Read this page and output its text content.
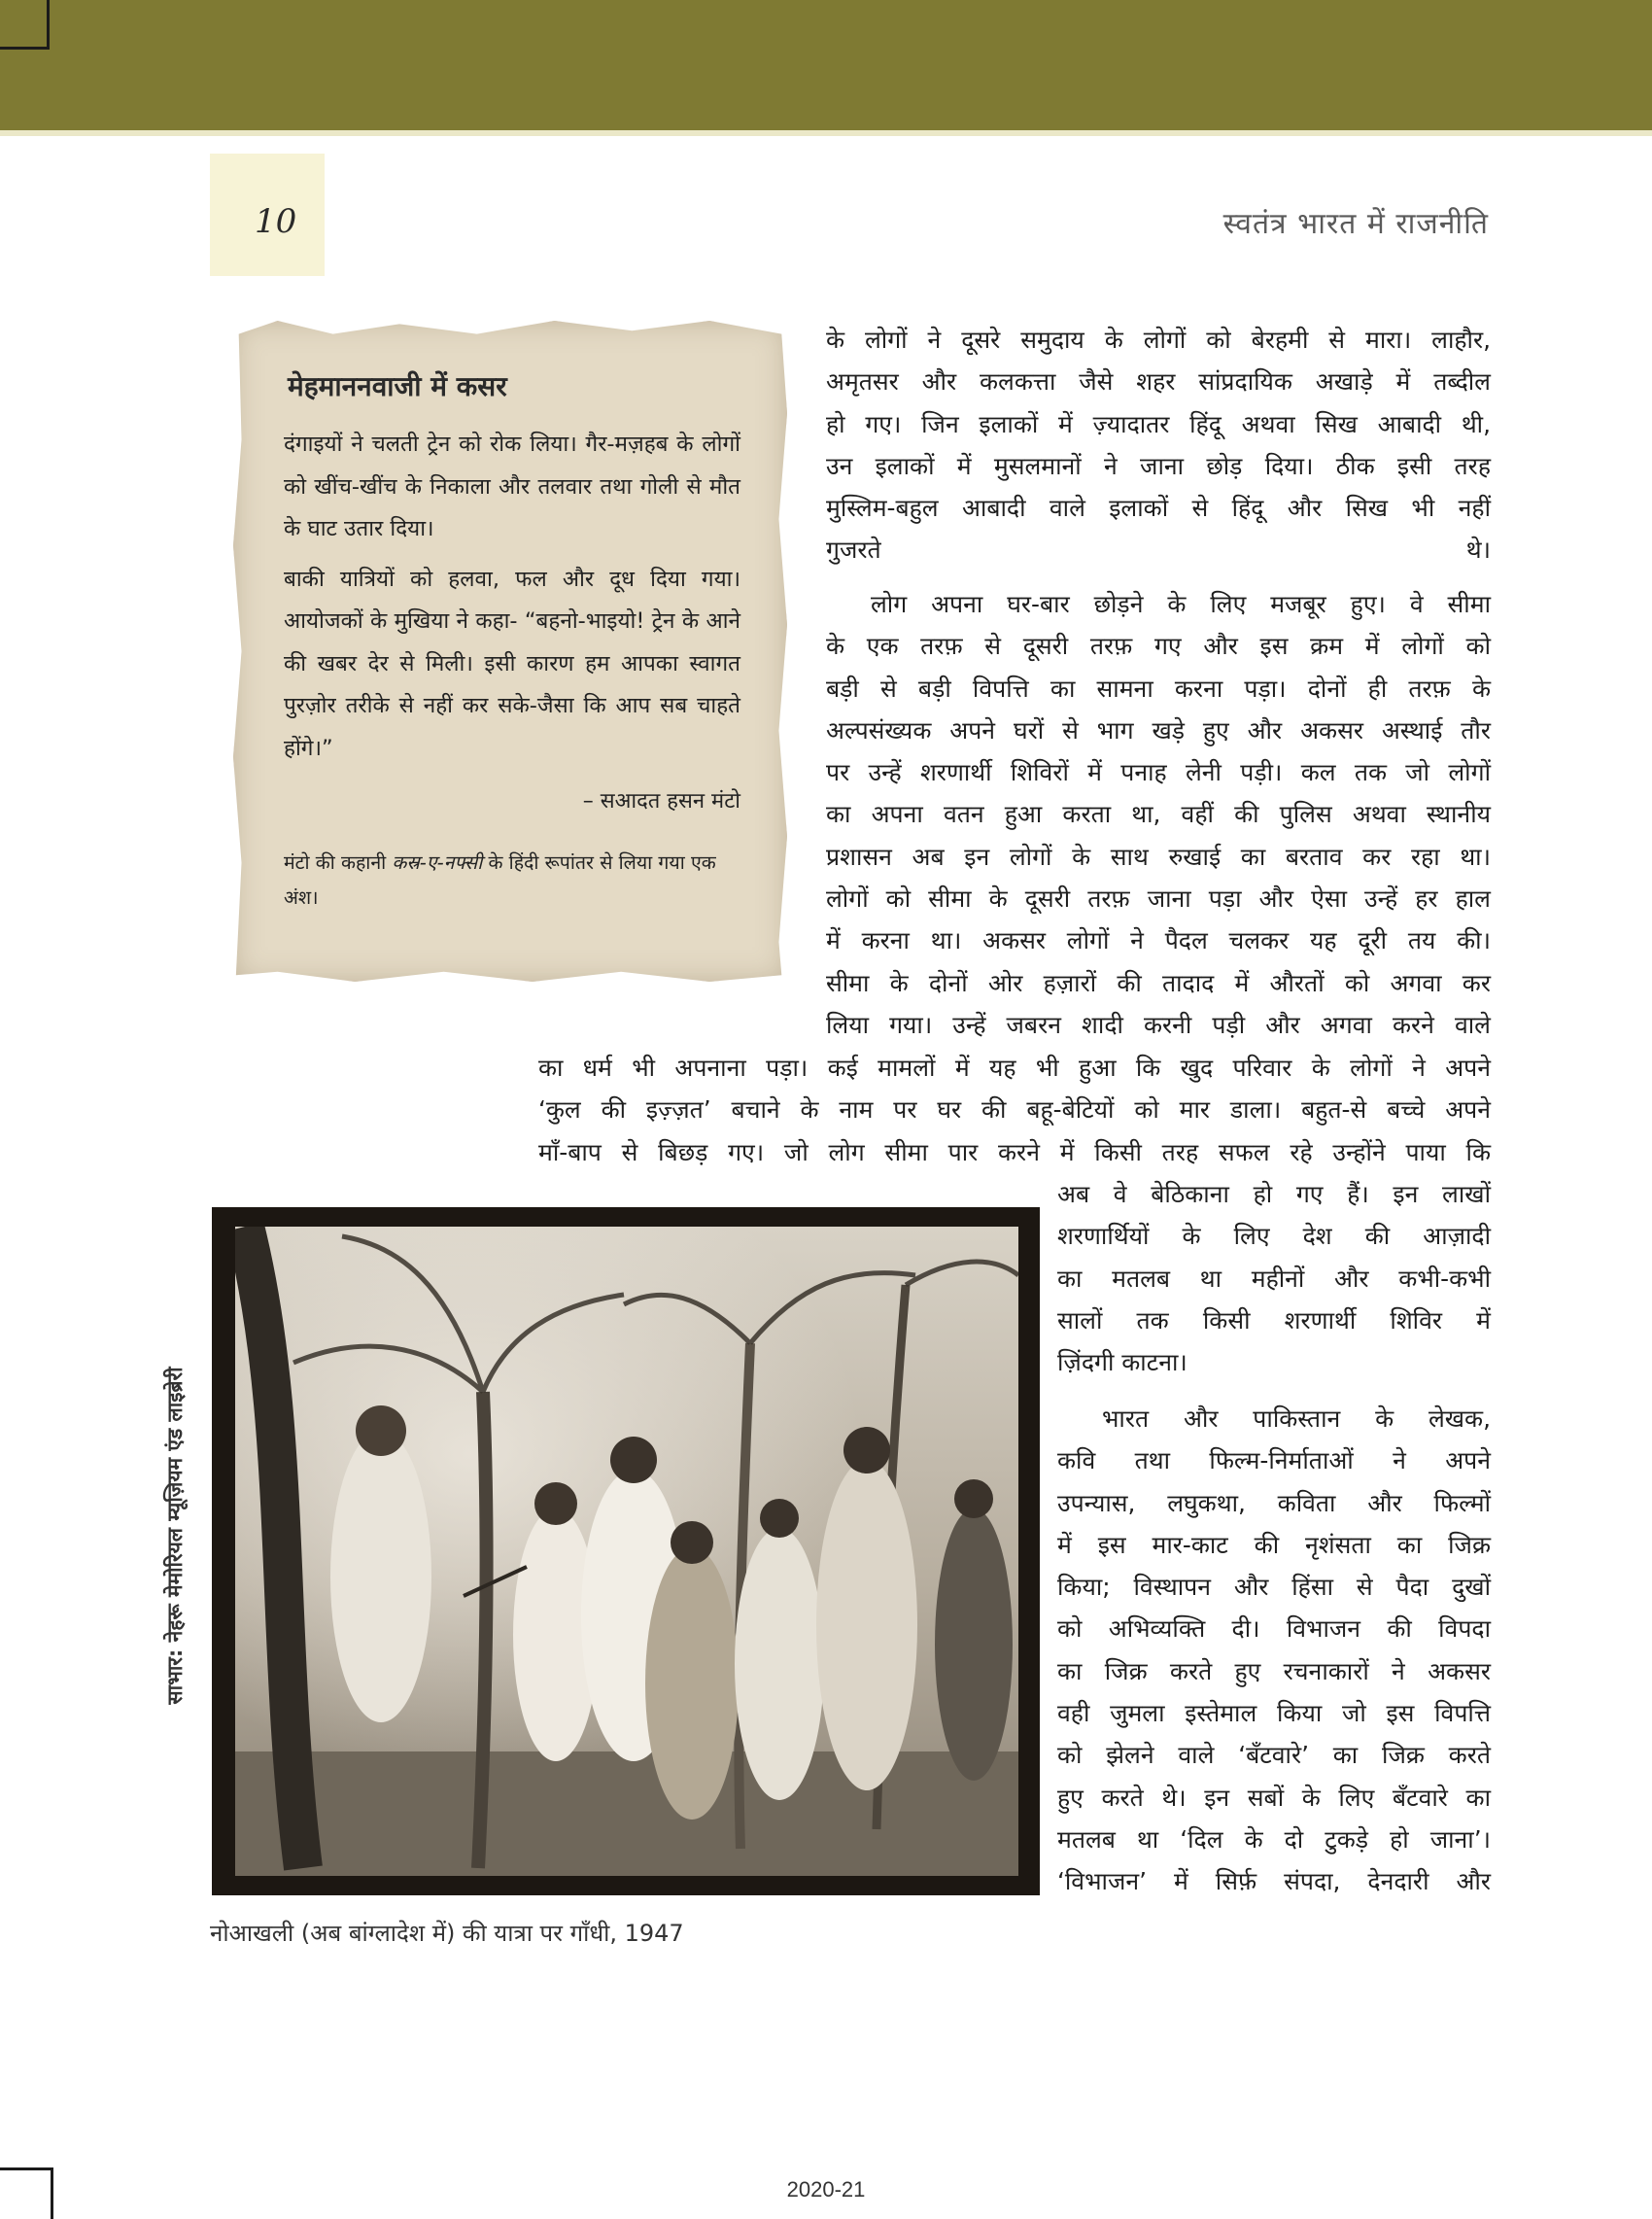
10	स्वतंत्र भारत में राजनीति
मेहमाननवाजी में कसर

दंगाइयों ने चलती ट्रेन को रोक लिया। गैर-मज़हब के लोगों को खींच-खींच के निकाला और तलवार तथा गोली से मौत के घाट उतार दिया।

बाकी यात्रियों को हलवा, फल और दूध दिया गया। आयोजकों के मुखिया ने कहा- “बहनो-भाइयो! ट्रेन के आने की खबर देर से मिली। इसी कारण हम आपका स्वागत पुरज़ोर तरीके से नहीं कर सके-जैसा कि आप सब चाहते होंगे।”

– सआदत हसन मंटो
मंटो की कहानी कस्र-ए-नफ्सी के हिंदी रूपांतर से लिया गया एक अंश।
के लोगों ने दूसरे समुदाय के लोगों को बेरहमी से मारा। लाहौर,
अमृतसर और कलकत्ता जैसे शहर सांप्रदायिक अखाड़े में तब्दील
हो गए। जिन इलाकों में ज़्यादातर हिंदू अथवा सिख आबादी थी,
उन इलाकों में मुसलमानों ने जाना छोड़ दिया। ठीक इसी तरह
मुस्लिम-बहुल आबादी वाले इलाकों से हिंदू और सिख भी नहीं
गुजरते थे।
लोग अपना घर-बार छोड़ने के लिए मजबूर हुए। वे सीमा
के एक तरफ़ से दूसरी तरफ़ गए और इस क्रम में लोगों को
बड़ी से बड़ी विपत्ति का सामना करना पड़ा। दोनों ही तरफ़ के
अल्पसंख्यक अपने घरों से भाग खड़े हुए और अकसर अस्थाई तौर
पर उन्हें शरणार्थी शिविरों में पनाह लेनी पड़ी। कल तक जो लोगों
का अपना वतन हुआ करता था, वहीं की पुलिस अथवा स्थानीय
प्रशासन अब इन लोगों के साथ रुखाई का बरताव कर रहा था।
लोगों को सीमा के दूसरी तरफ़ जाना पड़ा और ऐसा उन्हें हर हाल
में करना था। अकसर लोगों ने पैदल चलकर यह दूरी तय की।
सीमा के दोनों ओर हज़ारों की तादाद में औरतों को अगवा कर
लिया गया। उन्हें जबरन शादी करनी पड़ी और अगवा करने वाले
का धर्म भी अपनाना पड़ा। कई मामलों में यह भी हुआ कि खुद परिवार के लोगों ने अपने
‘कुल की इज़्ज़त’ बचाने के नाम पर घर की बहू-बेटियों को मार डाला। बहुत-से बच्चे अपने
माँ-बाप से बिछड़ गए। जो लोग सीमा पार करने में किसी तरह सफल रहे उन्होंने पाया कि
अब वे बेठिकाना हो गए हैं। इन लाखों
शरणार्थियों के लिए देश की आज़ादी
का मतलब था महीनों और कभी-कभी
सालों तक किसी शरणार्थी शिविर में
ज़िंदगी काटना।
भारत और पाकिस्तान के लेखक,
कवि तथा फिल्म-निर्माताओं ने अपने
उपन्यास, लघुकथा, कविता और फिल्मों
में इस मार-काट की नृशंसता का जिक्र
किया; विस्थापन और हिंसा से पैदा दुखों
को अभिव्यक्ति दी। विभाजन की विपदा
का जिक्र करते हुए रचनाकारों ने अकसर
वही जुमला इस्तेमाल किया जो इस विपत्ति
को झेलने वाले ‘बँटवारे’ का जिक्र करते
हुए करते थे। इन सबों के लिए बँटवारे का
मतलब था ‘दिल के दो टुकड़े हो जाना’।
‘विभाजन’ में सिर्फ़ संपदा, देनदारी और
साभार: नेहरू मेमोरियल म्यूज़ियम एंड लाइब्रेरी
नोआखली (अब बांग्लादेश में) की यात्रा पर गाँधी, 1947
2020-21
